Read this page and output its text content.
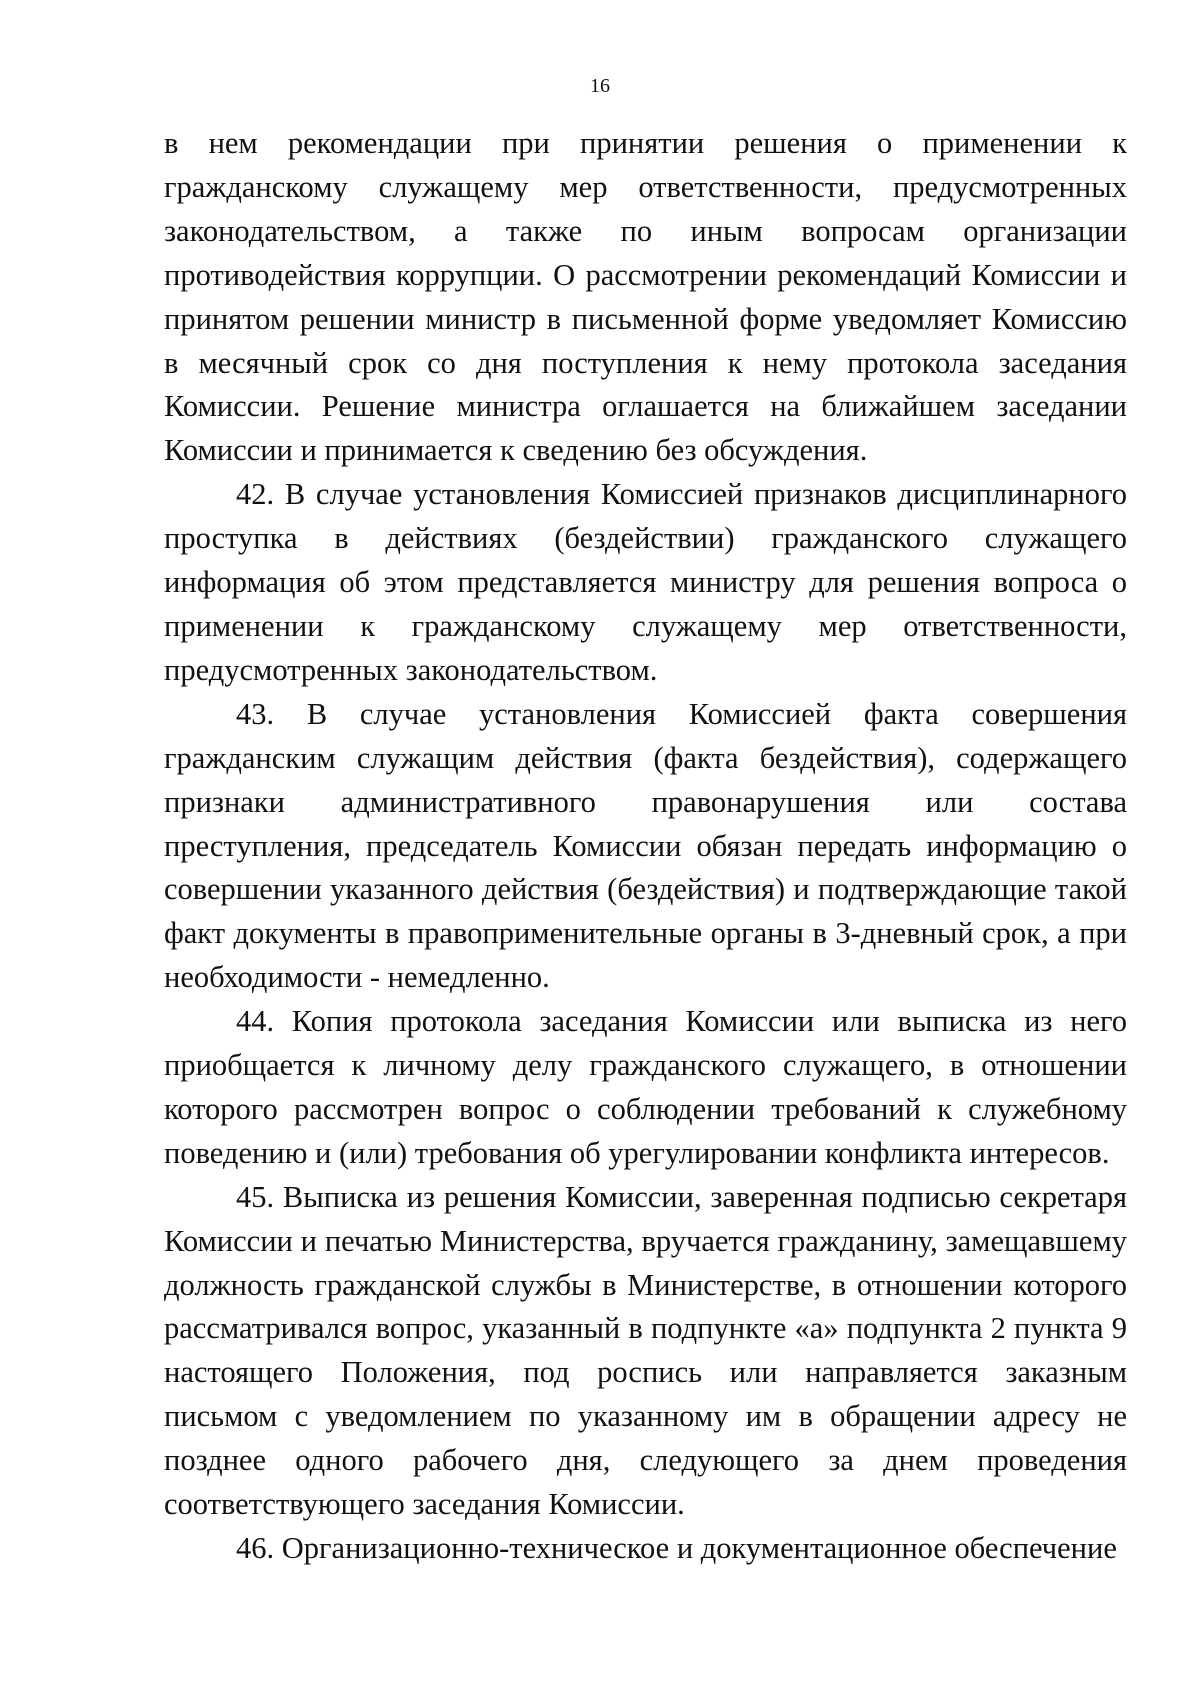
16

в нем рекомендации при принятии решения о применении к гражданскому служащему мер ответственности, предусмотренных законодательством, а также по иным вопросам организации противодействия коррупции. О рассмотрении рекомендаций Комиссии и принятом решении министр в письменной форме уведомляет Комиссию в месячный срок со дня поступления к нему протокола заседания Комиссии. Решение министра оглашается на ближайшем заседании Комиссии и принимается к сведению без обсуждения.

42. В случае установления Комиссией признаков дисциплинарного проступка в действиях (бездействии) гражданского служащего информация об этом представляется министру для решения вопроса о применении к гражданскому служащему мер ответственности, предусмотренных законодательством.

43. В случае установления Комиссией факта совершения гражданским служащим действия (факта бездействия), содержащего признаки административного правонарушения или состава преступления, председатель Комиссии обязан передать информацию о совершении указанного действия (бездействия) и подтверждающие такой факт документы в правоприменительные органы в 3-дневный срок, а при необходимости - немедленно.

44. Копия протокола заседания Комиссии или выписка из него приобщается к личному делу гражданского служащего, в отношении которого рассмотрен вопрос о соблюдении требований к служебному поведению и (или) требования об урегулировании конфликта интересов.

45. Выписка из решения Комиссии, заверенная подписью секретаря Комиссии и печатью Министерства, вручается гражданину, замещавшему должность гражданской службы в Министерстве, в отношении которого рассматривался вопрос, указанный в подпункте «а» подпункта 2 пункта 9 настоящего Положения, под роспись или направляется заказным письмом с уведомлением по указанному им в обращении адресу не позднее одного рабочего дня, следующего за днем проведения соответствующего заседания Комиссии.

46. Организационно-техническое и документационное обеспечение
